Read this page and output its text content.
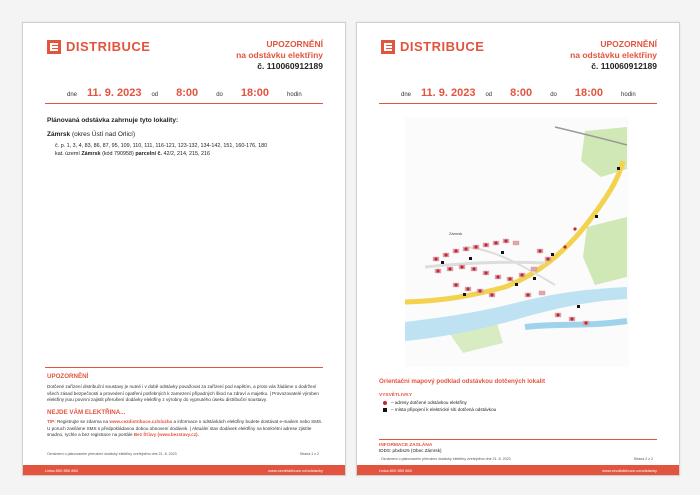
DISTRIBUCE	UPOZORNĚNÍ
na odstávku elektřiny
č. 110060912189
dne 11. 9. 2023 od 8:00	do 18:00	hodin
Plánovaná odstávka zahrnuje tyto lokality:
Zámrsk (okres Ústí nad Orlicí)
č. p. 1, 3, 4, 83, 86, 87, 95, 109, 110, 111, 116-121, 123-132, 134-142, 151, 160-176, 180
kat. území Zámrsk (kód 790958) parcelní č. 42/2, 214, 215, 216
UPOZORNĚNÍ
Dotčené zařízení distribuční soustavy je nutné i v době odstávky považovat za zařízení pod napětím, a proto vás žádáme o dodržení všech zásad bezpečnosti a provedení opatření potřebných k zamezení případných škod na zdraví a majetku. | Provozovatelé výroben elektřiny jsou povinni zajistit přerušení dodávky elektřiny z výrobny do vypnutého úseku distribuční soustavy.
NEJDE VÁM ELEKTŘINA...
TIP: Registrujte se zdarma na www.cezdistribuce.cz/sluzba a informace o odstávkách elektřiny budete dostávat e-mailem nebo SMS. U poruch zasíláme SMS s předpokládanou dobou obnovení dodávek. | Aktuální stav dodávek elektřiny na konkrétní adrese zjistíte snadno, rychle a bez registrace na portále Bez Šťávy (www.bezstavy.cz).
Oznámení o plánovaném přerušení dodávky elektřiny zveřejněno dne 21. 8. 2023	Strana 1 z 2
Linka 800 850 860	www.cezdistribuce.cz/odstavky
DISTRIBUCE	UPOZORNĚNÍ
na odstávku elektřiny
č. 110060912189
dne 11. 9. 2023 od 8:00	do 18:00	hodin
Zámrsk
Orientační mapový podklad odstávkou dotčených lokalit
VYSVĚTLIVKY
– adresy dotčené odstávkou elektřiny
– místa připojení k elektrické síti dotčená odstávkou
INFORMACE ZASLÁNA
IDDS: pbxbsz5 (Obec Zámrsk)
Oznámení o plánovaném přerušení dodávky elektřiny zveřejněno dne 21. 8. 2023	Strana 2 z 2
Linka 800 850 860	www.cezdistribuce.cz/odstavky
